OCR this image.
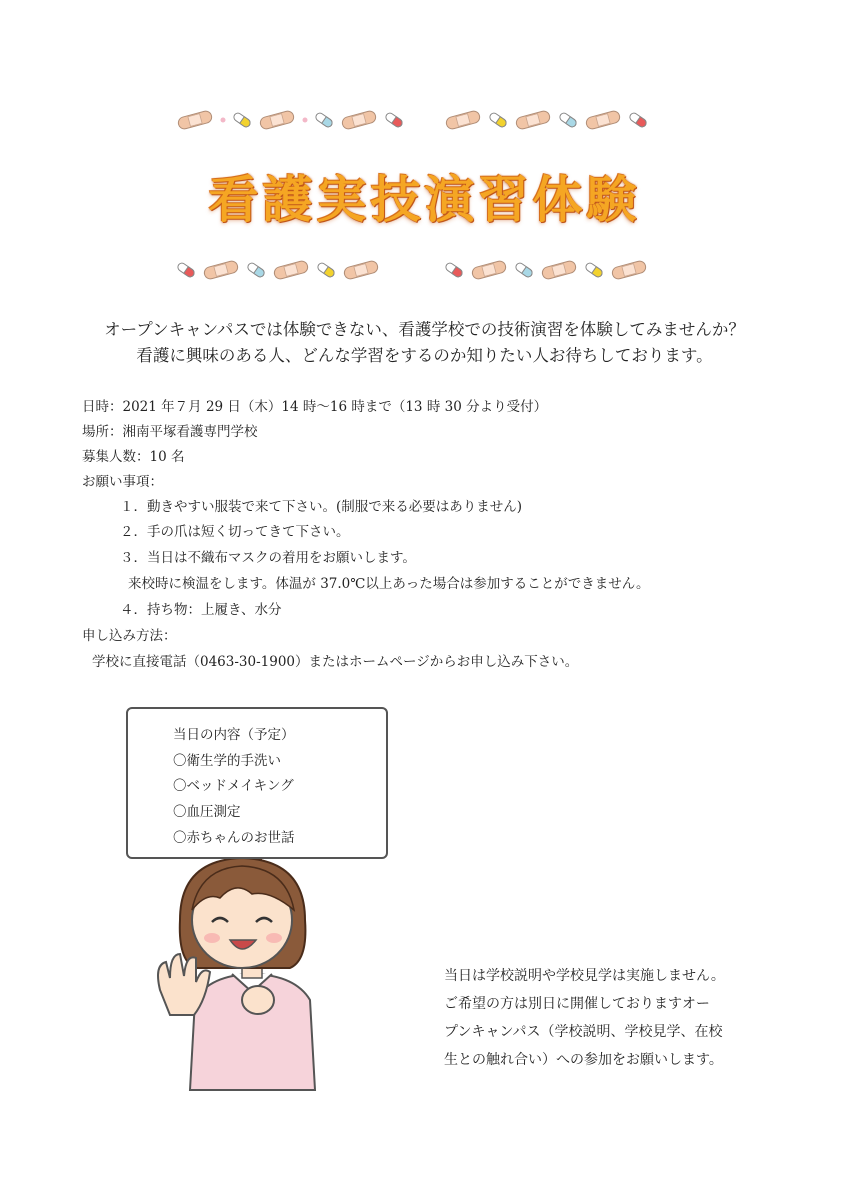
看護実技演習体験
オープンキャンパスでは体験できない、看護学校での技術演習を体験してみませんか？
看護に興味のある人、どんな学習をするのか知りたい人お待ちしております。
日時：2021 年７月 29 日（木）14 時～16 時まで（13 時 30 分より受付）
場所：湘南平塚看護専門学校
募集人数：10 名
お願い事項：
１．動きやすい服装で来て下さい。(制服で来る必要はありません)
２．手の爪は短く切ってきて下さい。
３．当日は不織布マスクの着用をお願いします。
来校時に検温をします。体温が 37.0℃以上あった場合は参加することができません。
４．持ち物：上履き、水分
申し込み方法：
学校に直接電話（0463-30-1900）またはホームページからお申し込み下さい。
当日の内容（予定）
〇衛生学的手洗い
〇ベッドメイキング
〇血圧測定
〇赤ちゃんのお世話
当日は学校説明や学校見学は実施しません。
ご希望の方は別日に開催しておりますオー
プンキャンパス（学校説明、学校見学、在校
生との触れ合い）への参加をお願いします。
